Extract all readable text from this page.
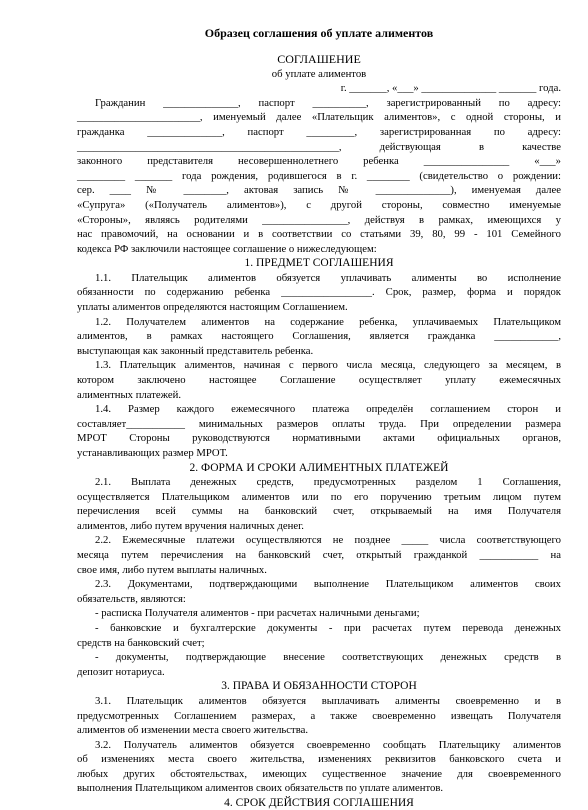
Образец соглашения об уплате алиментов
СОГЛАШЕНИЕ
об уплате алиментов
г. _______, «___» ______________ _______ года.
Гражданин ______________, паспорт __________, зарегистрированный по адресу:
_______________________, именуемый далее «Плательщик алиментов», с одной стороны, и
гражданка ______________, паспорт _________, зарегистрированная по адресу:
_________________________________________________, действующая в качестве
законного представителя несовершеннолетнего ребенка ________________ «___»
_________ _______ года рождения, родившегося в г. ________ (свидетельство о рождении:
сер. ____ № ________, актовая запись № ______________), именуемая далее
«Супруга» («Получатель алиментов»), с другой стороны, совместно именуемые
«Стороны», являясь родителями ________________, действуя в рамках, имеющихся у
нас правомочий, на основании и в соответствии со статьями 39, 80, 99 - 101 Семейного
кодекса РФ заключили настоящее соглашение о нижеследующем:
1. ПРЕДМЕТ СОГЛАШЕНИЯ
1.1. Плательщик алиментов обязуется уплачивать алименты во исполнение
обязанности по содержанию ребенка _________________. Срок, размер, форма и порядок
уплаты алиментов определяются настоящим Соглашением.
1.2. Получателем алиментов на содержание ребенка, уплачиваемых Плательщиком
алиментов, в рамках настоящего Соглашения, является гражданка ____________,
выступающая как законный представитель ребенка.
1.3. Плательщик алиментов, начиная с первого числа месяца, следующего за месяцем, в
котором заключено настоящее Соглашение осуществляет уплату ежемесячных
алиментных платежей.
1.4. Размер каждого ежемесячного платежа определён соглашением сторон и
составляет___________ минимальных размеров оплаты труда. При определении размера
МРОТ Стороны руководствуются нормативными актами официальных органов,
устанавливающих размер МРОТ.
2. ФОРМА И СРОКИ АЛИМЕНТНЫХ ПЛАТЕЖЕЙ
2.1. Выплата денежных средств, предусмотренных разделом 1 Соглашения,
осуществляется Плательщиком алиментов или по его поручению третьим лицом путем
перечисления всей суммы на банковский счет, открываемый на имя Получателя
алиментов, либо путем вручения наличных денег.
2.2. Ежемесячные платежи осуществляются не позднее _____ числа соответствующего
месяца путем перечисления на банковский счет, открытый гражданкой ___________ на
свое имя, либо путем выплаты наличных.
2.3. Документами, подтверждающими выполнение Плательщиком алиментов своих
обязательств, являются:
- расписка Получателя алиментов - при расчетах наличными деньгами;
- банковские и бухгалтерские документы - при расчетах путем перевода денежных
средств на банковский счет;
- документы, подтверждающие внесение соответствующих денежных средств в
депозит нотариуса.
3. ПРАВА И ОБЯЗАННОСТИ СТОРОН
3.1. Плательщик алиментов обязуется выплачивать алименты своевременно и в
предусмотренных Соглашением размерах, а также своевременно извещать Получателя
алиментов об изменении места своего жительства.
3.2. Получатель алиментов обязуется своевременно сообщать Плательщику алиментов
об изменениях места своего жительства, изменениях реквизитов банковского счета и
любых других обстоятельствах, имеющих существенное значение для своевременного
выполнения Плательщиком алиментов своих обязательств по уплате алиментов.
4. СРОК ДЕЙСТВИЯ СОГЛАШЕНИЯ
